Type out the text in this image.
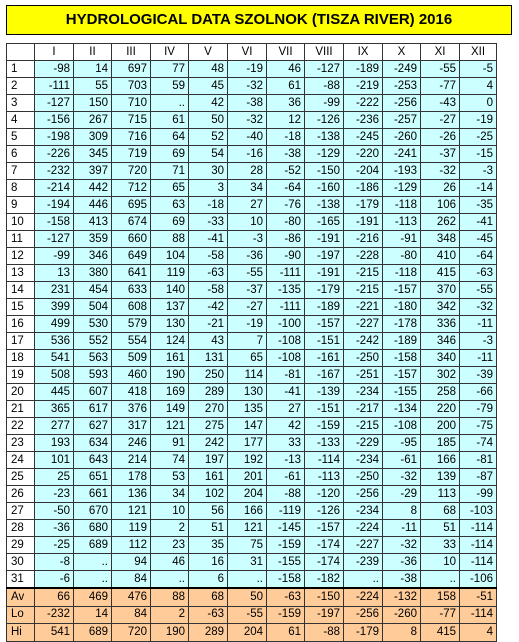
HYDROLOGICAL DATA SZOLNOK (TISZA RIVER) 2016
	I	II	III	IV	V	VI	VII	VIII	IX	X	XI	XII
1	-98	14	697	77	48	-19	46	-127	-189	-249	-55	-5
2	-111	55	703	59	45	-32	61	-88	-219	-253	-77	4
3	-127	150	710	..	42	-38	36	-99	-222	-256	-43	0
4	-156	267	715	61	50	-32	12	-126	-236	-257	-27	-19
5	-198	309	716	64	52	-40	-18	-138	-245	-260	-26	-25
6	-226	345	719	69	54	-16	-38	-129	-220	-241	-37	-15
7	-232	397	720	71	30	28	-52	-150	-204	-193	-32	-3
8	-214	442	712	65	3	34	-64	-160	-186	-129	26	-14
9	-194	446	695	63	-18	27	-76	-138	-179	-118	106	-35
10	-158	413	674	69	-33	10	-80	-165	-191	-113	262	-41
11	-127	359	660	88	-41	-3	-86	-191	-216	-91	348	-45
12	-99	346	649	104	-58	-36	-90	-197	-228	-80	410	-64
13	13	380	641	119	-63	-55	-111	-191	-215	-118	415	-63
14	231	454	633	140	-58	-37	-135	-179	-215	-157	370	-55
15	399	504	608	137	-42	-27	-111	-189	-221	-180	342	-32
16	499	530	579	130	-21	-19	-100	-157	-227	-178	336	-11
17	536	552	554	124	43	7	-108	-151	-242	-189	346	-3
18	541	563	509	161	131	65	-108	-161	-250	-158	340	-11
19	508	593	460	190	250	114	-81	-167	-251	-157	302	-39
20	445	607	418	169	289	130	-41	-139	-234	-155	258	-66
21	365	617	376	149	270	135	27	-151	-217	-134	220	-79
22	277	627	317	121	275	147	42	-159	-215	-108	200	-75
23	193	634	246	91	242	177	33	-133	-229	-95	185	-74
24	101	643	214	74	197	192	-13	-114	-234	-61	166	-81
25	25	651	178	53	161	201	-61	-113	-250	-32	139	-87
26	-23	661	136	34	102	204	-88	-120	-256	-29	113	-99
27	-50	670	121	10	56	166	-119	-126	-234	8	68	-103
28	-36	680	119	2	51	121	-145	-157	-224	-11	51	-114
29	-25	689	112	23	35	75	-159	-174	-227	-32	33	-114
30	-8	..	94	46	16	31	-155	-174	-239	-36	10	-114
31	-6	..	84	..	6	..	-158	-182	..	-38	..	-106
Av	66	469	476	88	68	50	-63	-150	-224	-132	158	-51
Lo	-232	14	84	2	-63	-55	-159	-197	-256	-260	-77	-114
Hi	541	689	720	190	289	204	61	-88	-179	8	415	4
